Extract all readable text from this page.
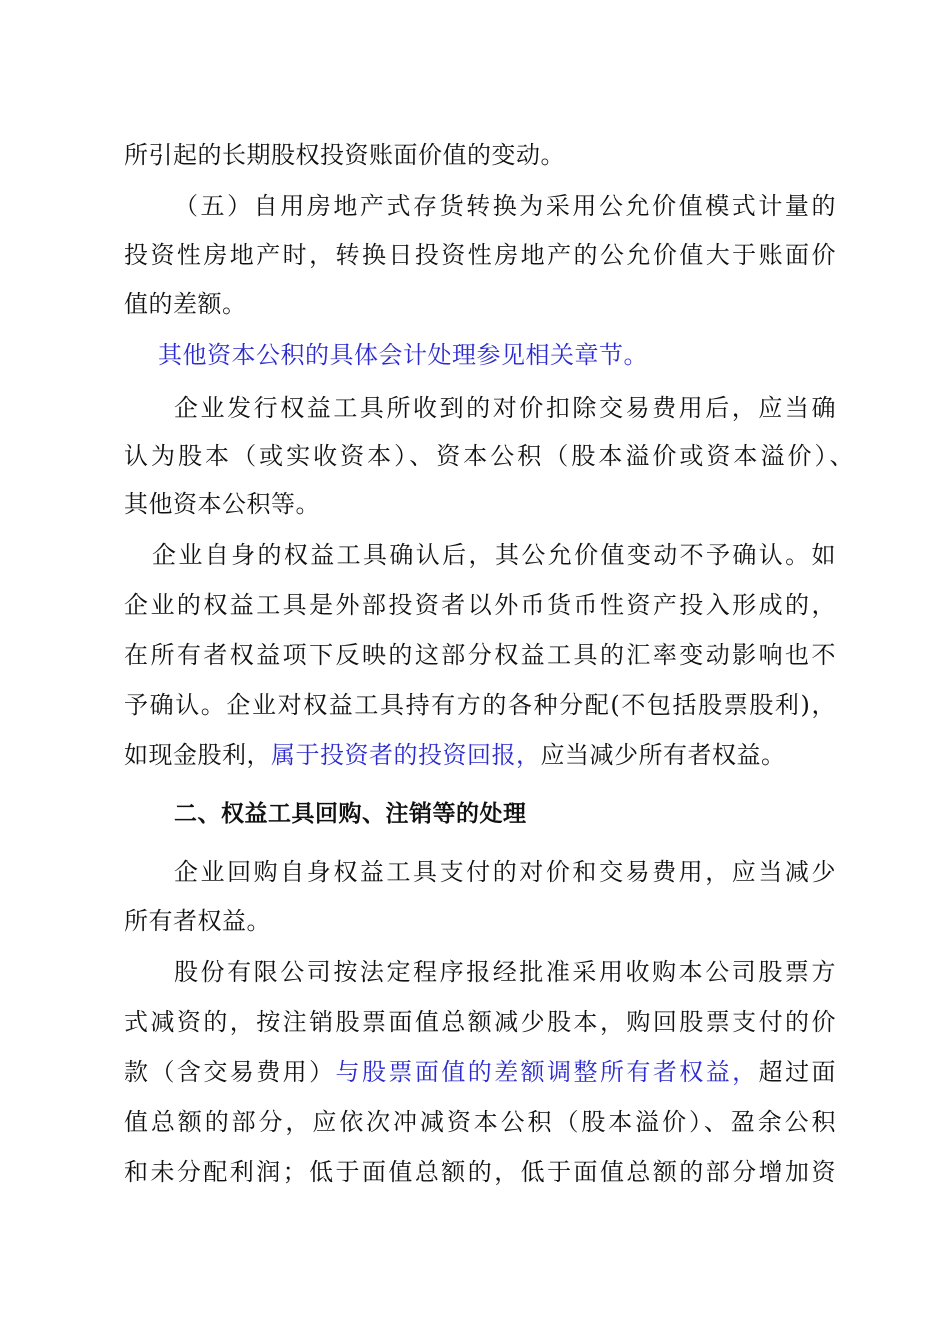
所引起的长期股权投资账面价值的变动。
（五）自用房地产式存货转换为采用公允价值模式计量的
投资性房地产时，转换日投资性房地产的公允价值大于账面价
值的差额。
其他资本公积的具体会计处理参见相关章节。
企业发行权益工具所收到的对价扣除交易费用后，应当确
认为股本（或实收资本）、资本公积（股本溢价或资本溢价）、
其他资本公积等。
企业自身的权益工具确认后，其公允价值变动不予确认。如
企业的权益工具是外部投资者以外币货币性资产投入形成的，
在所有者权益项下反映的这部分权益工具的汇率变动影响也不
予确认。企业对权益工具持有方的各种分配(不包括股票股利)，
如现金股利，属于投资者的投资回报，应当减少所有者权益。
二、权益工具回购、注销等的处理
企业回购自身权益工具支付的对价和交易费用，应当减少
所有者权益。
股份有限公司按法定程序报经批准采用收购本公司股票方
式减资的，按注销股票面值总额减少股本，购回股票支付的价
款（含交易费用）与股票面值的差额调整所有者权益，超过面
值总额的部分，应依次冲减资本公积（股本溢价）、盈余公积
和未分配利润；低于面值总额的，低于面值总额的部分增加资
